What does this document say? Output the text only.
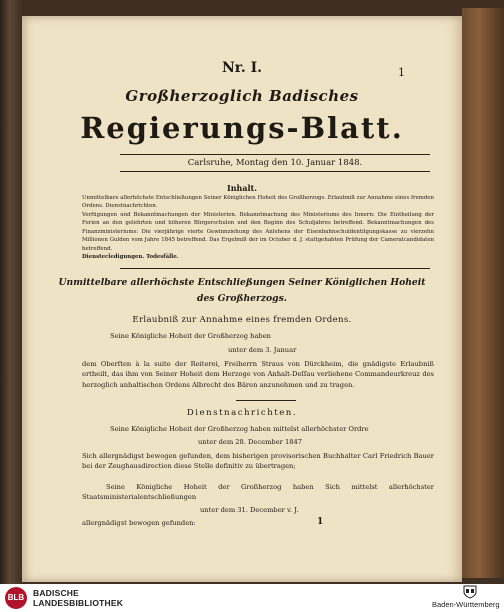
Nr. I.	1
Großherzoglich Badisches
Regierungs-Blatt.
Carlsruhe, Montag den 10. Januar 1848.
Inhalt.
Unmittelbare allerhöchste Entschließungen Seiner Königlichen Hoheit des Großherzogs. Erlaubniß zur Annahme eines fremden Ordens. Dienstnachrichten.
Verfügungen und Bekanntmachungen der Ministerien. Bekanntmachung des Ministeriums des Innern: Die Eintheilung der Ferien an den gelehrten und höheren Bürgerschulen und den Beginn des Schuljahres betreffend. Bekanntmachungen des Finanzministeriums: Die vierjährige vierte Gewinnziehung des Anlehens der Eisenbahnschuldentilgungskasse zu vierzehn Millionen Gulden vom Jahre 1845 betreffend. Das Ergebniß der im October d. J. stattgehabten Prüfung der Cameralcandidaten betreffend.
Dienstecledigungen. Todesfälle.
Unmittelbare allerhöchste Entschließungen Seiner Königlichen Hoheit
des Großherzogs.
Erlaubniß zur Annahme eines fremden Ordens.
Seine Königliche Hoheit der Großherzog haben
unter dem 3. Januar
dem Oberſten à la suite der Reiterei, Freiherrn Straus von Dürckheim, die gnädigste Erlaubniß ertheilt, das ihm von Seiner Hoheit dem Herzoge von Anhalt-Deſſau verliehene Commandeurkreuz des herzoglich anhaltischen Ordens Albrecht des Bären anzunehmen und zu tragen.
Dienstnachrichten.
Seine Königliche Hoheit der Großherzog haben mittelst allerhöchster Ordre
unter dem 28. December 1847
Sich allergnädigst bewogen gefunden, dem bisherigen provisorischen Buchhalter Carl Friedrich Bauer bei der Zeughausdirection diese Stelle definitiv zu übertragen;
Seine Königliche Hoheit der Großherzog haben Sich mittelst allerhöchster Staatsministerialentschließungen
unter dem 31. December v. J.
allergnädigst bewogen gefunden:	1
BLB	BADISCHE
LANDESBIBLIOTHEK	Baden-Württemberg
